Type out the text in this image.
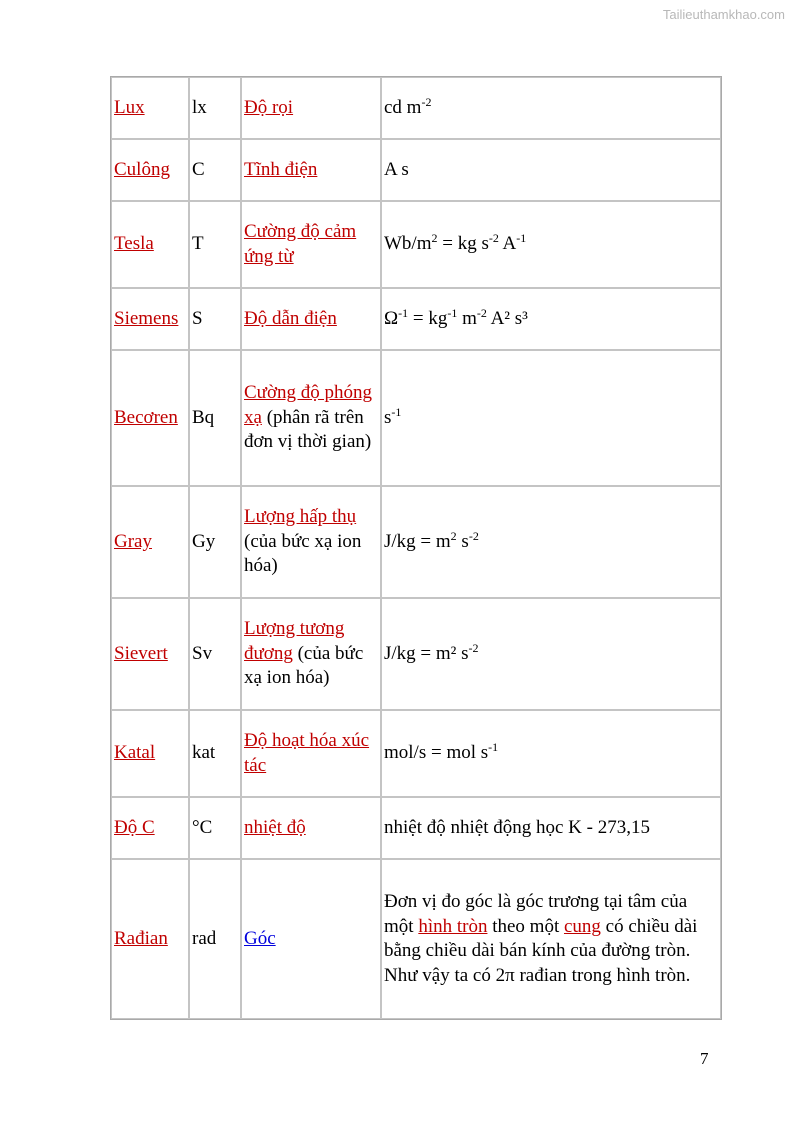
Tailieuthamkhao.com
Lux	lx	Độ rọi	cd $m^{-2}$
Culông	C	Tĩnh điện	A s
Tesla	T	Cường độ cảm ứng từ	$Wb/m^2$ = kg $s^{-2}$ $A^{-1}$
Siemens	S	Độ dẫn điện	$\Omega^{-1} = kg^{-1}$ $m^{-2}$ A² s³
Becơren	Bq	Cường độ phóng xạ (phân rã trên đơn vị thời gian)	$s^{-1}$
Gray	Gy	Lượng hấp thụ (của bức xạ ion hóa)	$J/kg = m^2$ $s^{-2}$
Sievert	Sv	Lượng tương đương (của bức xạ ion hóa)	J/kg = m² $s^{-2}$
Katal	kat	Độ hoạt hóa xúc tác	mol/s = mol $s^{-1}$
Độ C	°C	nhiệt độ	nhiệt độ nhiệt động học K - 273,15
Rađian	rad	Góc	Đơn vị đo góc là góc trương tại tâm của một hình tròn theo một cung có chiều dài bằng chiều dài bán kính của đường tròn. Như vậy ta có 2π rađian trong hình tròn.
7
